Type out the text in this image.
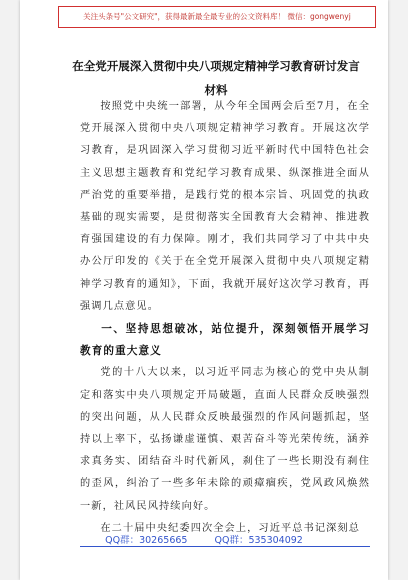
关注头条号"公文研究"，获得最新最全最专业的公文资料库！ 微信：gongwenyj
在全党开展深入贯彻中央八项规定精神学习教育研讨发言
材料

按照党中央统一部署，从今年全国两会后至7月，在全党开展深入贯彻中央八项规定精神学习教育。开展这次学习教育，是巩固深入学习贯彻习近平新时代中国特色社会主义思想主题教育和党纪学习教育成果、纵深推进全面从严治党的重要举措，是践行党的根本宗旨、巩固党的执政基础的现实需要，是贯彻落实全国教育大会精神、推进教育强国建设的有力保障。刚才，我们共同学习了中共中央办公厅印发的《关于在全党开展深入贯彻中央八项规定精神学习教育的通知》，下面，我就开展好这次学习教育，再强调几点意见。

一、坚持思想破冰，站位提升，深刻领悟开展学习教育的重大意义

党的十八大以来，以习近平同志为核心的党中央从制定和落实中央八项规定开局破题，直面人民群众反映强烈的突出问题，从人民群众反映最强烈的作风问题抓起，坚持以上率下，弘扬谦虚谨慎、艰苦奋斗等光荣传统，涵养求真务实、团结奋斗时代新风，刹住了一些长期没有刹住的歪风，纠治了一些多年未除的顽瘴痼疾，党风政风焕然一新，社风民风持续向好。

在二十届中央纪委四次全会上，习近平总书记深刻总

QQ群：30265665	QQ群：535304092
